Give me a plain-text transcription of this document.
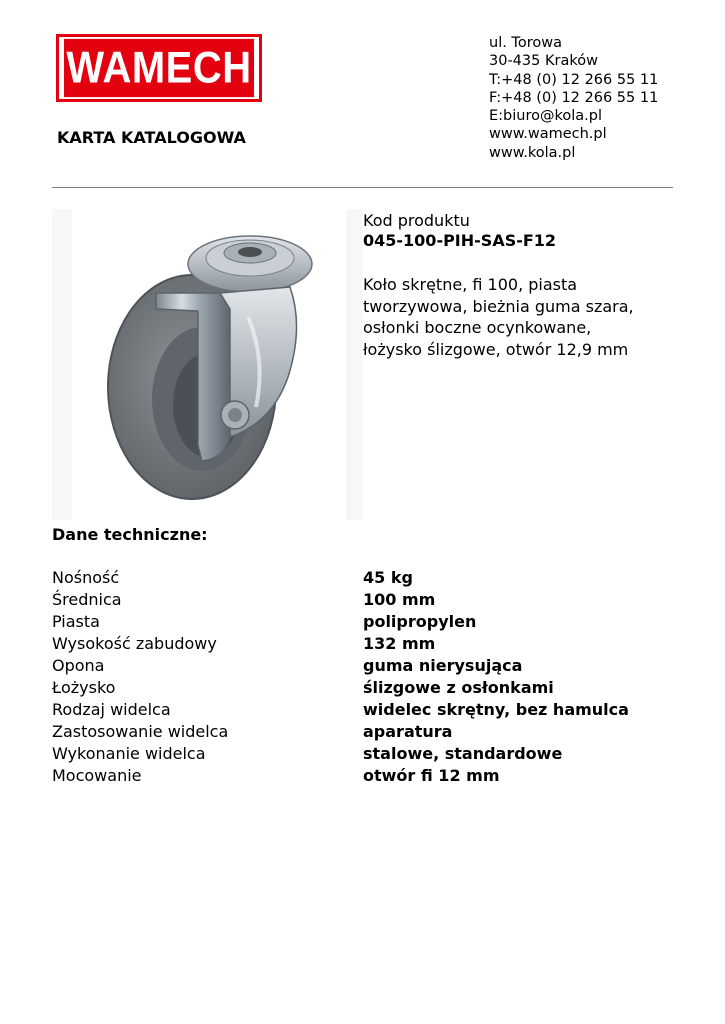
WAMECH
KARTA KATALOGOWA
ul. Torowa
30-435 Kraków
T:+48 (0) 12 266 55 11
F:+48 (0) 12 266 55 11
E:biuro@kola.pl
www.wamech.pl
www.kola.pl
Kod produktu
045-100-PIH-SAS-F12
Koło skrętne, fi 100, piasta
tworzywowa, bieżnia guma szara,
osłonki boczne ocynkowane,
łożysko ślizgowe, otwór 12,9 mm
Dane techniczne:
Nośność	45 kg
Średnica	100 mm
Piasta	polipropylen
Wysokość zabudowy	132 mm
Opona	guma nierysująca
Łożysko	ślizgowe z osłonkami
Rodzaj widelca	widelec skrętny, bez hamulca
Zastosowanie widelca	aparatura
Wykonanie widelca	stalowe, standardowe
Mocowanie	otwór fi 12 mm
